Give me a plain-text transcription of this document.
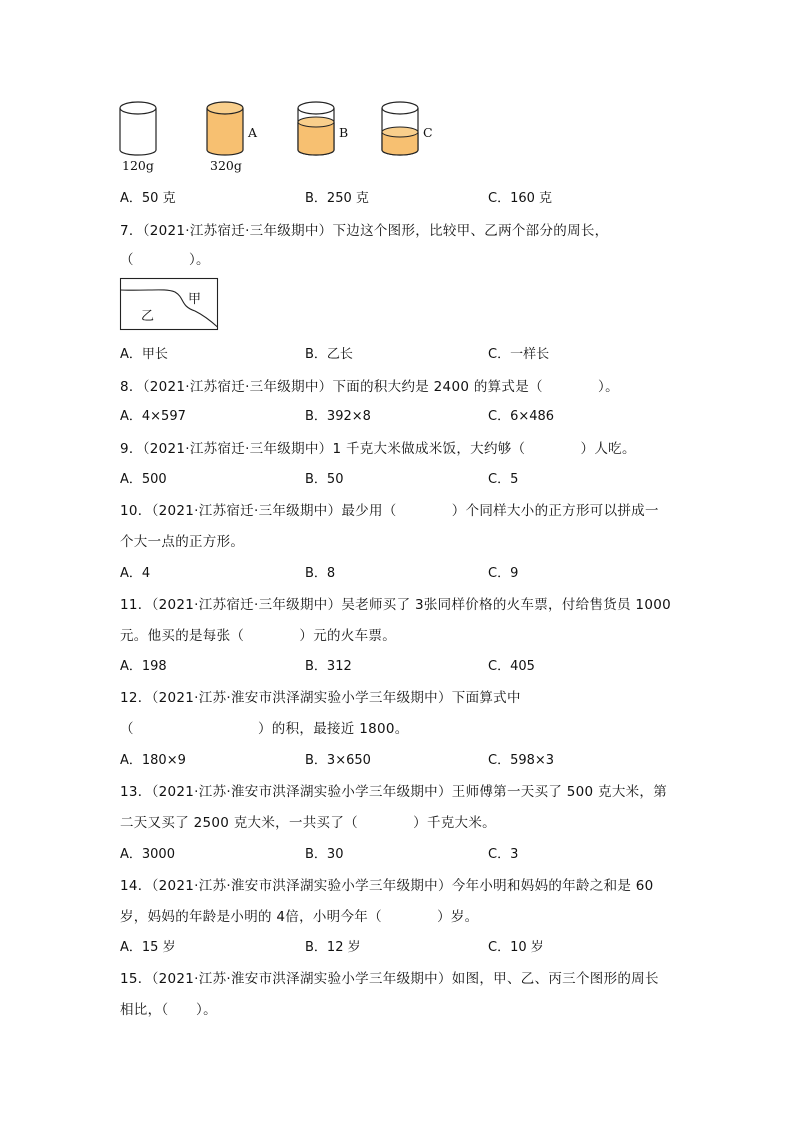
120g	320g
A	B	C
A．50 克	B．250 克	C．160 克
7．（2021·江苏宿迁·三年级期中）下边这个图形，比较甲、乙两个部分的周长，
（　　　　）。
甲
乙
A．甲长	B．乙长	C．一样长
8．（2021·江苏宿迁·三年级期中）下面的积大约是 2400 的算式是（　　　　）。
A．4×597	B．392×8	C．6×486
9．（2021·江苏宿迁·三年级期中）1 千克大米做成米饭，大约够（　　　　）人吃。
A．500	B．50	C．5
10．（2021·江苏宿迁·三年级期中）最少用（　　　　）个同样大小的正方形可以拼成一
个大一点的正方形。
A．4	B．8	C．9
11．（2021·江苏宿迁·三年级期中）吴老师买了 3张同样价格的火车票，付给售货员 1000
元。他买的是每张（　　　　）元的火车票。
A．198	B．312	C．405
12．（2021·江苏·淮安市洪泽湖实验小学三年级期中）下面算式中
（　　　　　　　　　）的积，最接近 1800。
A．180×9	B．3×650	C．598×3
13．（2021·江苏·淮安市洪泽湖实验小学三年级期中）王师傅第一天买了 500 克大米，第
二天又买了 2500 克大米，一共买了（　　　　）千克大米。
A．3000	B．30	C．3
14．（2021·江苏·淮安市洪泽湖实验小学三年级期中）今年小明和妈妈的年龄之和是 60
岁，妈妈的年龄是小明的 4倍，小明今年（　　　　）岁。
A．15 岁	B．12 岁	C．10 岁
15．（2021·江苏·淮安市洪泽湖实验小学三年级期中）如图，甲、乙、丙三个图形的周长
相比，（　　）。
